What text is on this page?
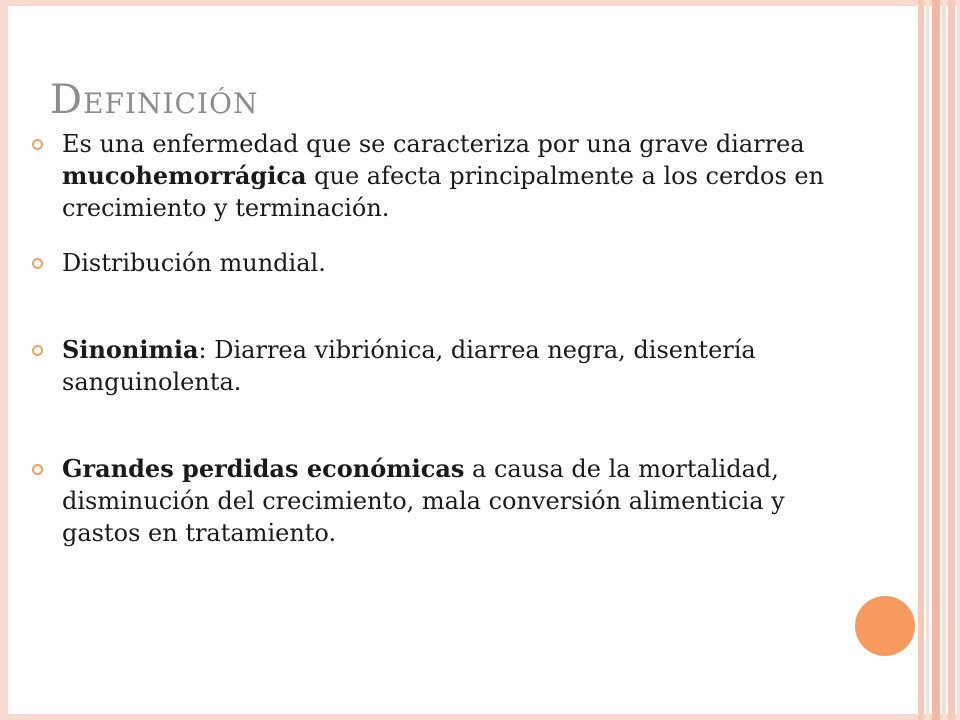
Definición
Es una enfermedad que se caracteriza por una grave diarrea mucohemorrágica que afecta principalmente a los cerdos en crecimiento y terminación.
Distribución mundial.
Sinonimia: Diarrea vibriónica, diarrea negra, disentería sanguinolenta.
Grandes perdidas económicas a causa de la mortalidad, disminución del crecimiento, mala conversión alimenticia y gastos en tratamiento.
